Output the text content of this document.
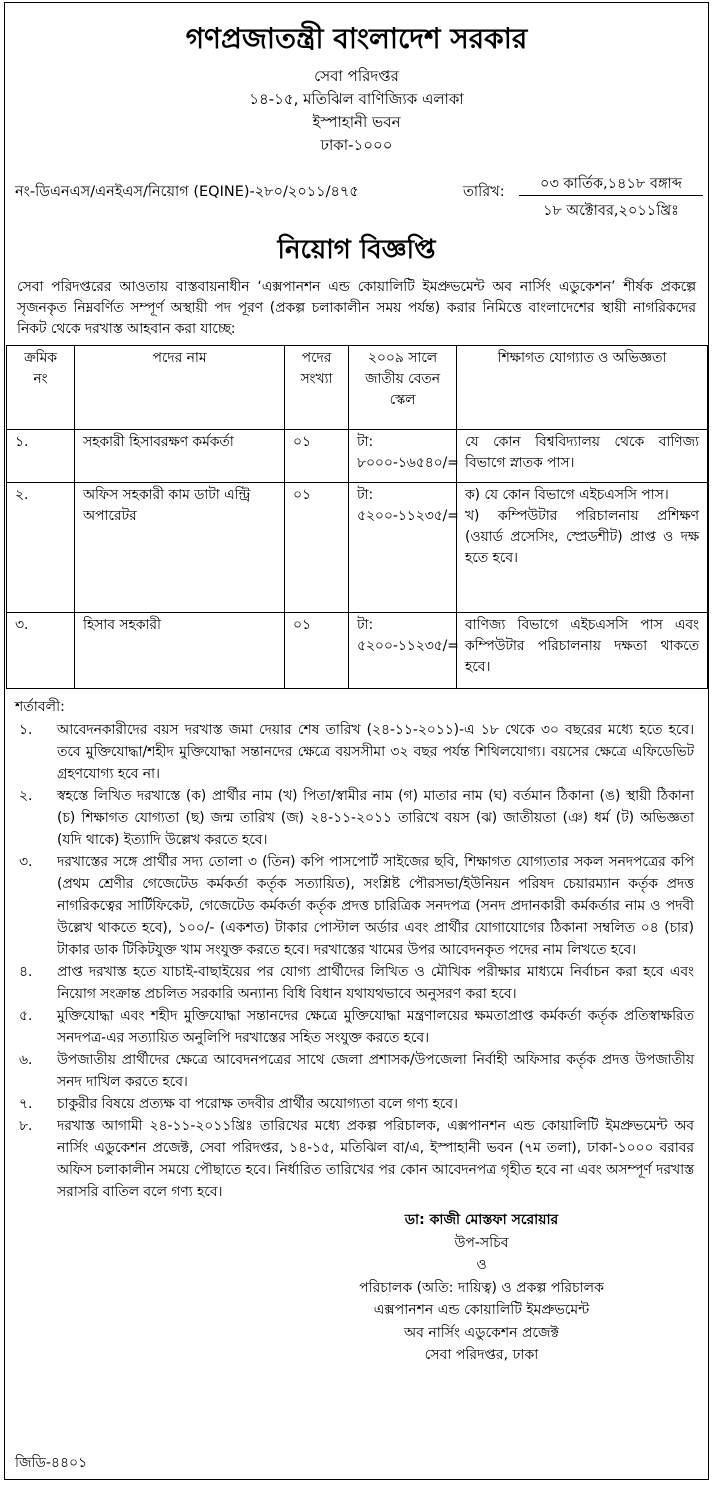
গণপ্রজাতন্ত্রী বাংলাদেশ সরকার
সেবা পরিদপ্তর
১৪-১৫, মতিঝিল বাণিজ্যিক এলাকা
ইস্পাহানী ভবন
ঢাকা-১০০০
নং-ডিএনএস/এনইএস/নিয়োগ (EQINE)-২৮০/২০১১/৪৭৫	তারিখ:	০৩ কার্তিক,১৪১৮ বঙ্গাব্দ
১৮ অক্টোবর,২০১১খ্রিঃ
নিয়োগ বিজ্ঞপ্তি
সেবা পরিদপ্তরের আওতায় বাস্তবায়নাধীন ‘এক্সপানশন এন্ড কোয়ালিটি ইমপ্রুভমেন্ট অব নার্সিং এডুকেশন’ শীর্ষক প্রকল্পে সৃজনকৃত নিম্নবর্ণিত সম্পূর্ণ অস্থায়ী পদ পূরণ (প্রকল্প চলাকালীন সময় পর্যন্ত) করার নিমিত্তে বাংলাদেশের স্থায়ী নাগরিকদের নিকট থেকে দরখাস্ত আহবান করা যাচ্ছে:
ক্রমিক নং	পদের নাম	পদের সংখ্যা	২০০৯ সালে জাতীয় বেতন স্কেল	শিক্ষাগত যোগ্যাত ও অভিজ্ঞতা
১.	সহকারী হিসাবরক্ষণ কর্মকর্তা	০১	টা: ৮০০০-১৬৫৪০/=	যে কোন বিশ্ববিদ্যালয় থেকে বাণিজ্য বিভাগে স্নাতক পাস।

২.	অফিস সহকারী কাম ডাটা এন্ট্রি অপারেটর	০১	টা: ৫২০০-১১২৩৫/=	ক) যে কোন বিভাগে এইচএসসি পাস।
খ) কম্পিউটার পরিচালনায় প্রশিক্ষণ (ওয়ার্ড প্রসেসিং, স্প্রেডশীট) প্রাপ্ত ও দক্ষ হতে হবে।

৩.	হিসাব সহকারী	০১	টা: ৫২০০-১১২৩৫/=	বাণিজ্য বিভাগে এইচএসসি পাস এবং কম্পিউটার পরিচালনায় দক্ষতা থাকতে হবে।
শর্তাবলী:
১.	আবেদনকারীদের বয়স দরখাস্ত জমা দেয়ার শেষ তারিখ (২৪-১১-২০১১)-এ ১৮ থেকে ৩০ বছরের মধ্যে হতে হবে। তবে মুক্তিযোদ্ধা/শহীদ মুক্তিযোদ্ধা সন্তানদের ক্ষেত্রে বয়সসীমা ৩২ বছর পর্যন্ত শিথিলযোগ্য। বয়সের ক্ষেত্রে এফিডেভিট গ্রহণযোগ্য হবে না।
২.	স্বহস্তে লিখিত দরখাস্তে (ক) প্রার্থীর নাম (খ) পিতা/স্বামীর নাম (গ) মাতার নাম (ঘ) বর্তমান ঠিকানা (ঙ) স্থায়ী ঠিকানা (চ) শিক্ষাগত যোগ্যতা (ছ) জন্ম তারিখ (জ) ২৪-১১-২০১১ তারিখে বয়স (ঝ) জাতীয়তা (ঞ) ধর্ম (ট) অভিজ্ঞতা (যদি থাকে) ইত্যাদি উল্লেখ করতে হবে।
৩.	দরখাস্তের সঙ্গে প্রার্থীর সদ্য তোলা ৩ (তিন) কপি পাসপোর্ট সাইজের ছবি, শিক্ষাগত যোগ্যতার সকল সনদপত্রের কপি (প্রথম শ্রেণীর গেজেটেড কর্মকর্তা কর্তৃক সত্যায়িত), সংশ্লিষ্ট পৌরসভা/ইউনিয়ন পরিষদ চেয়ারম্যান কর্তৃক প্রদত্ত নাগরিকত্বের সার্টিফিকেট, গেজেটেড কর্মকর্তা কর্তৃক প্রদত্ত চারিত্রিক সনদপত্র (সনদ প্রদানকারী কর্মকর্তার নাম ও পদবী উল্লেখ থাকতে হবে), ১০০/- (একশত) টাকার পোস্টাল অর্ডার এবং প্রার্থীর যোগাযোগের ঠিকানা সম্বলিত ০৪ (চার) টাকার ডাক টিকিটযুক্ত খাম সংযুক্ত করতে হবে। দরখাস্তের খামের উপর আবেদনকৃত পদের নাম লিখতে হবে।
৪.	প্রাপ্ত দরখাস্ত হতে যাচাই-বাছাইয়ের পর যোগ্য প্রার্থীদের লিখিত ও মৌখিক পরীক্ষার মাধ্যমে নির্বাচন করা হবে এবং নিয়োগ সংক্রান্ত প্রচলিত সরকারি অন্যান্য বিধি বিধান যথাযথভাবে অনুসরণ করা হবে।
৫.	মুক্তিযোদ্ধা এবং শহীদ মুক্তিযোদ্ধা সন্তানদের ক্ষেত্রে মুক্তিযোদ্ধা মন্ত্রণালয়ের ক্ষমতাপ্রাপ্ত কর্মকর্তা কর্তৃক প্রতিস্বাক্ষরিত সনদপত্র-এর সত্যায়িত অনুলিপি দরখাস্তের সহিত সংযুক্ত করতে হবে।
৬.	উপজাতীয় প্রার্থীদের ক্ষেত্রে আবেদনপত্রের সাথে জেলা প্রশাসক/উপজেলা নির্বাহী অফিসার কর্তৃক প্রদত্ত উপজাতীয় সনদ দাখিল করতে হবে।
৭.	চাকুরীর বিষয়ে প্রত্যক্ষ বা পরোক্ষ তদবীর প্রার্থীর অযোগ্যতা বলে গণ্য হবে।
৮.	দরখাস্ত আগামী ২৪-১১-২০১১খ্রিঃ তারিখের মধ্যে প্রকল্প পরিচালক, এক্সপানশন এন্ড কোয়ালিটি ইমপ্রুভমেন্ট অব নার্সিং এডুকেশন প্রজেক্ট, সেবা পরিদপ্তর, ১৪-১৫, মতিঝিল বা/এ, ইস্পাহানী ভবন (৭ম তলা), ঢাকা-১০০০ বরাবর অফিস চলাকালীন সময়ে পৌছাতে হবে। নির্ধারিত তারিখের পর কোন আবেদনপত্র গৃহীত হবে না এবং অসম্পূর্ণ দরখাস্ত সরাসরি বাতিল বলে গণ্য হবে।
ডা: কাজী মোস্তফা সরোয়ার
উপ-সচিব
ও
পরিচালক (অতি: দায়িত্ব) ও প্রকল্প পরিচালক
এক্সপানশন এন্ড কোয়ালিটি ইমপ্রুভমেন্ট
অব নার্সিং এডুকেশন প্রজেক্ট
সেবা পরিদপ্তর, ঢাকা
জিডি-৪৪০১
